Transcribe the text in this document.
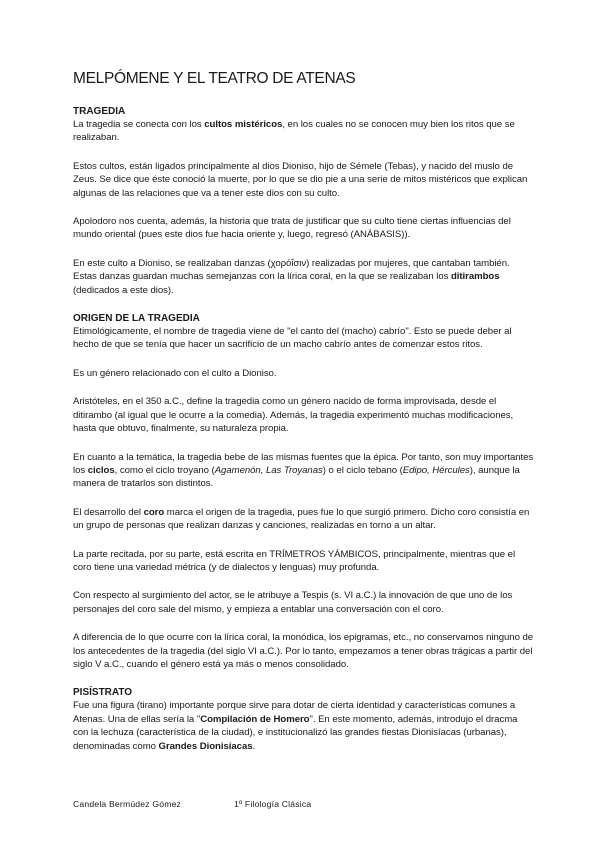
MELPÓMENE Y EL TEATRO DE ATENAS
TRAGEDIA

La tragedia se conecta con los cultos mistéricos, en los cuales no se conocen muy bien los ritos que se realizaban.

Estos cultos, están ligados principalmente al dios Dioniso, hijo de Sémele (Tebas), y nacido del muslo de Zeus. Se dice que éste conoció la muerte, por lo que se dio pie a una serie de mitos mistéricos que explican algunas de las relaciones que va a tener este dios con su culto.

Apolodoro nos cuenta, además, la historia que trata de justificar que su culto tiene ciertas influencias del mundo oriental (pues este dios fue hacia oriente y, luego, regresó (ANÁBASIS)).

En este culto a Dioniso, se realizaban danzas (χορόΐσιν) realizadas por mujeres, que cantaban también. Estas danzas guardan muchas semejanzas con la lírica coral, en la que se realizaban los ditirambos (dedicados a este dios).

ORIGEN DE LA TRAGEDIA

Etimológicamente, el nombre de tragedia viene de "el canto del (macho) cabrío". Esto se puede deber al hecho de que se tenía que hacer un sacrificio de un macho cabrío antes de comenzar estos ritos.

Es un género relacionado con el culto a Dioniso.

Aristóteles, en el 350 a.C., define la tragedia como un género nacido de forma improvisada, desde el ditirambo (al igual que le ocurre a la comedia). Además, la tragedia experimentó muchas modificaciones, hasta que obtuvo, finalmente, su naturaleza propia.

En cuanto a la temática, la tragedia bebe de las mismas fuentes que la épica. Por tanto, son muy importantes los ciclos, como el ciclo troyano (Agamenón, Las Troyanas) o el ciclo tebano (Edipo, Hércules), aunque la manera de tratarlos son distintos.

El desarrollo del coro marca el origen de la tragedia, pues fue lo que surgió primero. Dicho coro consistía en un grupo de personas que realizan danzas y canciones, realizadas en torno a un altar.

La parte recitada, por su parte, está escrita en TRÍMETROS YÁMBICOS, principalmente, mientras que el coro tiene una variedad métrica (y de dialectos y lenguas) muy profunda.

Con respecto al surgimiento del actor, se le atribuye a Tespis (s. VI a.C.) la innovación de que uno de los personajes del coro sale del mismo, y empieza a entablar una conversación con el coro.

A diferencia de lo que ocurre con la lírica coral, la monódica, los epigramas, etc., no conservamos ninguno de los antecedentes de la tragedia (del siglo VI a.C.). Por lo tanto, empezamos a tener obras trágicas a partir del siglo V a.C., cuando el género está ya más o menos consolidado.

PISÍSTRATO

Fue una figura (tirano) importante porque sirve para dotar de cierta identidad y características comunes a Atenas. Una de ellas sería la "Compilación de Homero". En este momento, además, introdujo el dracma con la lechuza (característica de la ciudad), e institucionalizó las grandes fiestas Dionisíacas (urbanas), denominadas como Grandes Dionisíacas.

Candela Bermúdez Gómez	1º Filología Clásica
